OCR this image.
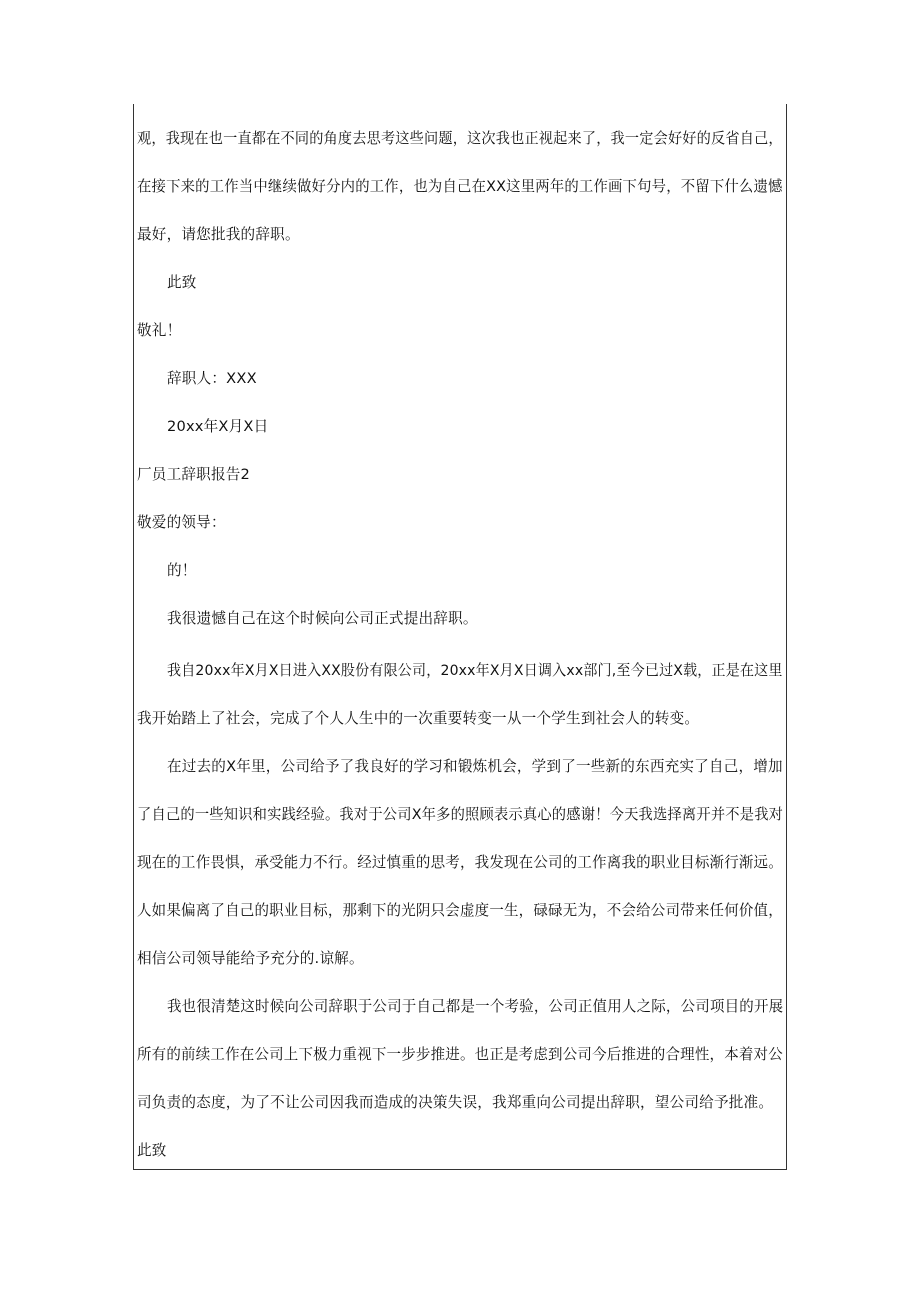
观，我现在也一直都在不同的角度去思考这些问题，这次我也正视起来了，我一定会好好的反省自己，

在接下来的工作当中继续做好分内的工作，也为自己在XX这里两年的工作画下句号，不留下什么遗憾

最好，请您批我的辞职。

此致

敬礼！

辞职人：XXX

20xx年X月X日

厂员工辞职报告2

敬爱的领导：

的！

我很遗憾自己在这个时候向公司正式提出辞职。

我自20xx年X月X日进入XX股份有限公司，20xx年X月X日调入xx部门,至今已过X载，正是在这里

我开始踏上了社会，完成了个人人生中的一次重要转变一从一个学生到社会人的转变。

在过去的X年里，公司给予了我良好的学习和锻炼机会，学到了一些新的东西充实了自己，增加

了自己的一些知识和实践经验。我对于公司X年多的照顾表示真心的感谢！今天我选择离开并不是我对

现在的工作畏惧，承受能力不行。经过慎重的思考，我发现在公司的工作离我的职业目标渐行渐远。

人如果偏离了自己的职业目标，那剩下的光阴只会虚度一生，碌碌无为，不会给公司带来任何价值，

相信公司领导能给予充分的.谅解。

我也很清楚这时候向公司辞职于公司于自己都是一个考验，公司正值用人之际，公司项目的开展

所有的前续工作在公司上下极力重视下一步步推进。也正是考虑到公司今后推进的合理性，本着对公

司负责的态度，为了不让公司因我而造成的决策失误，我郑重向公司提出辞职，望公司给予批准。

此致
